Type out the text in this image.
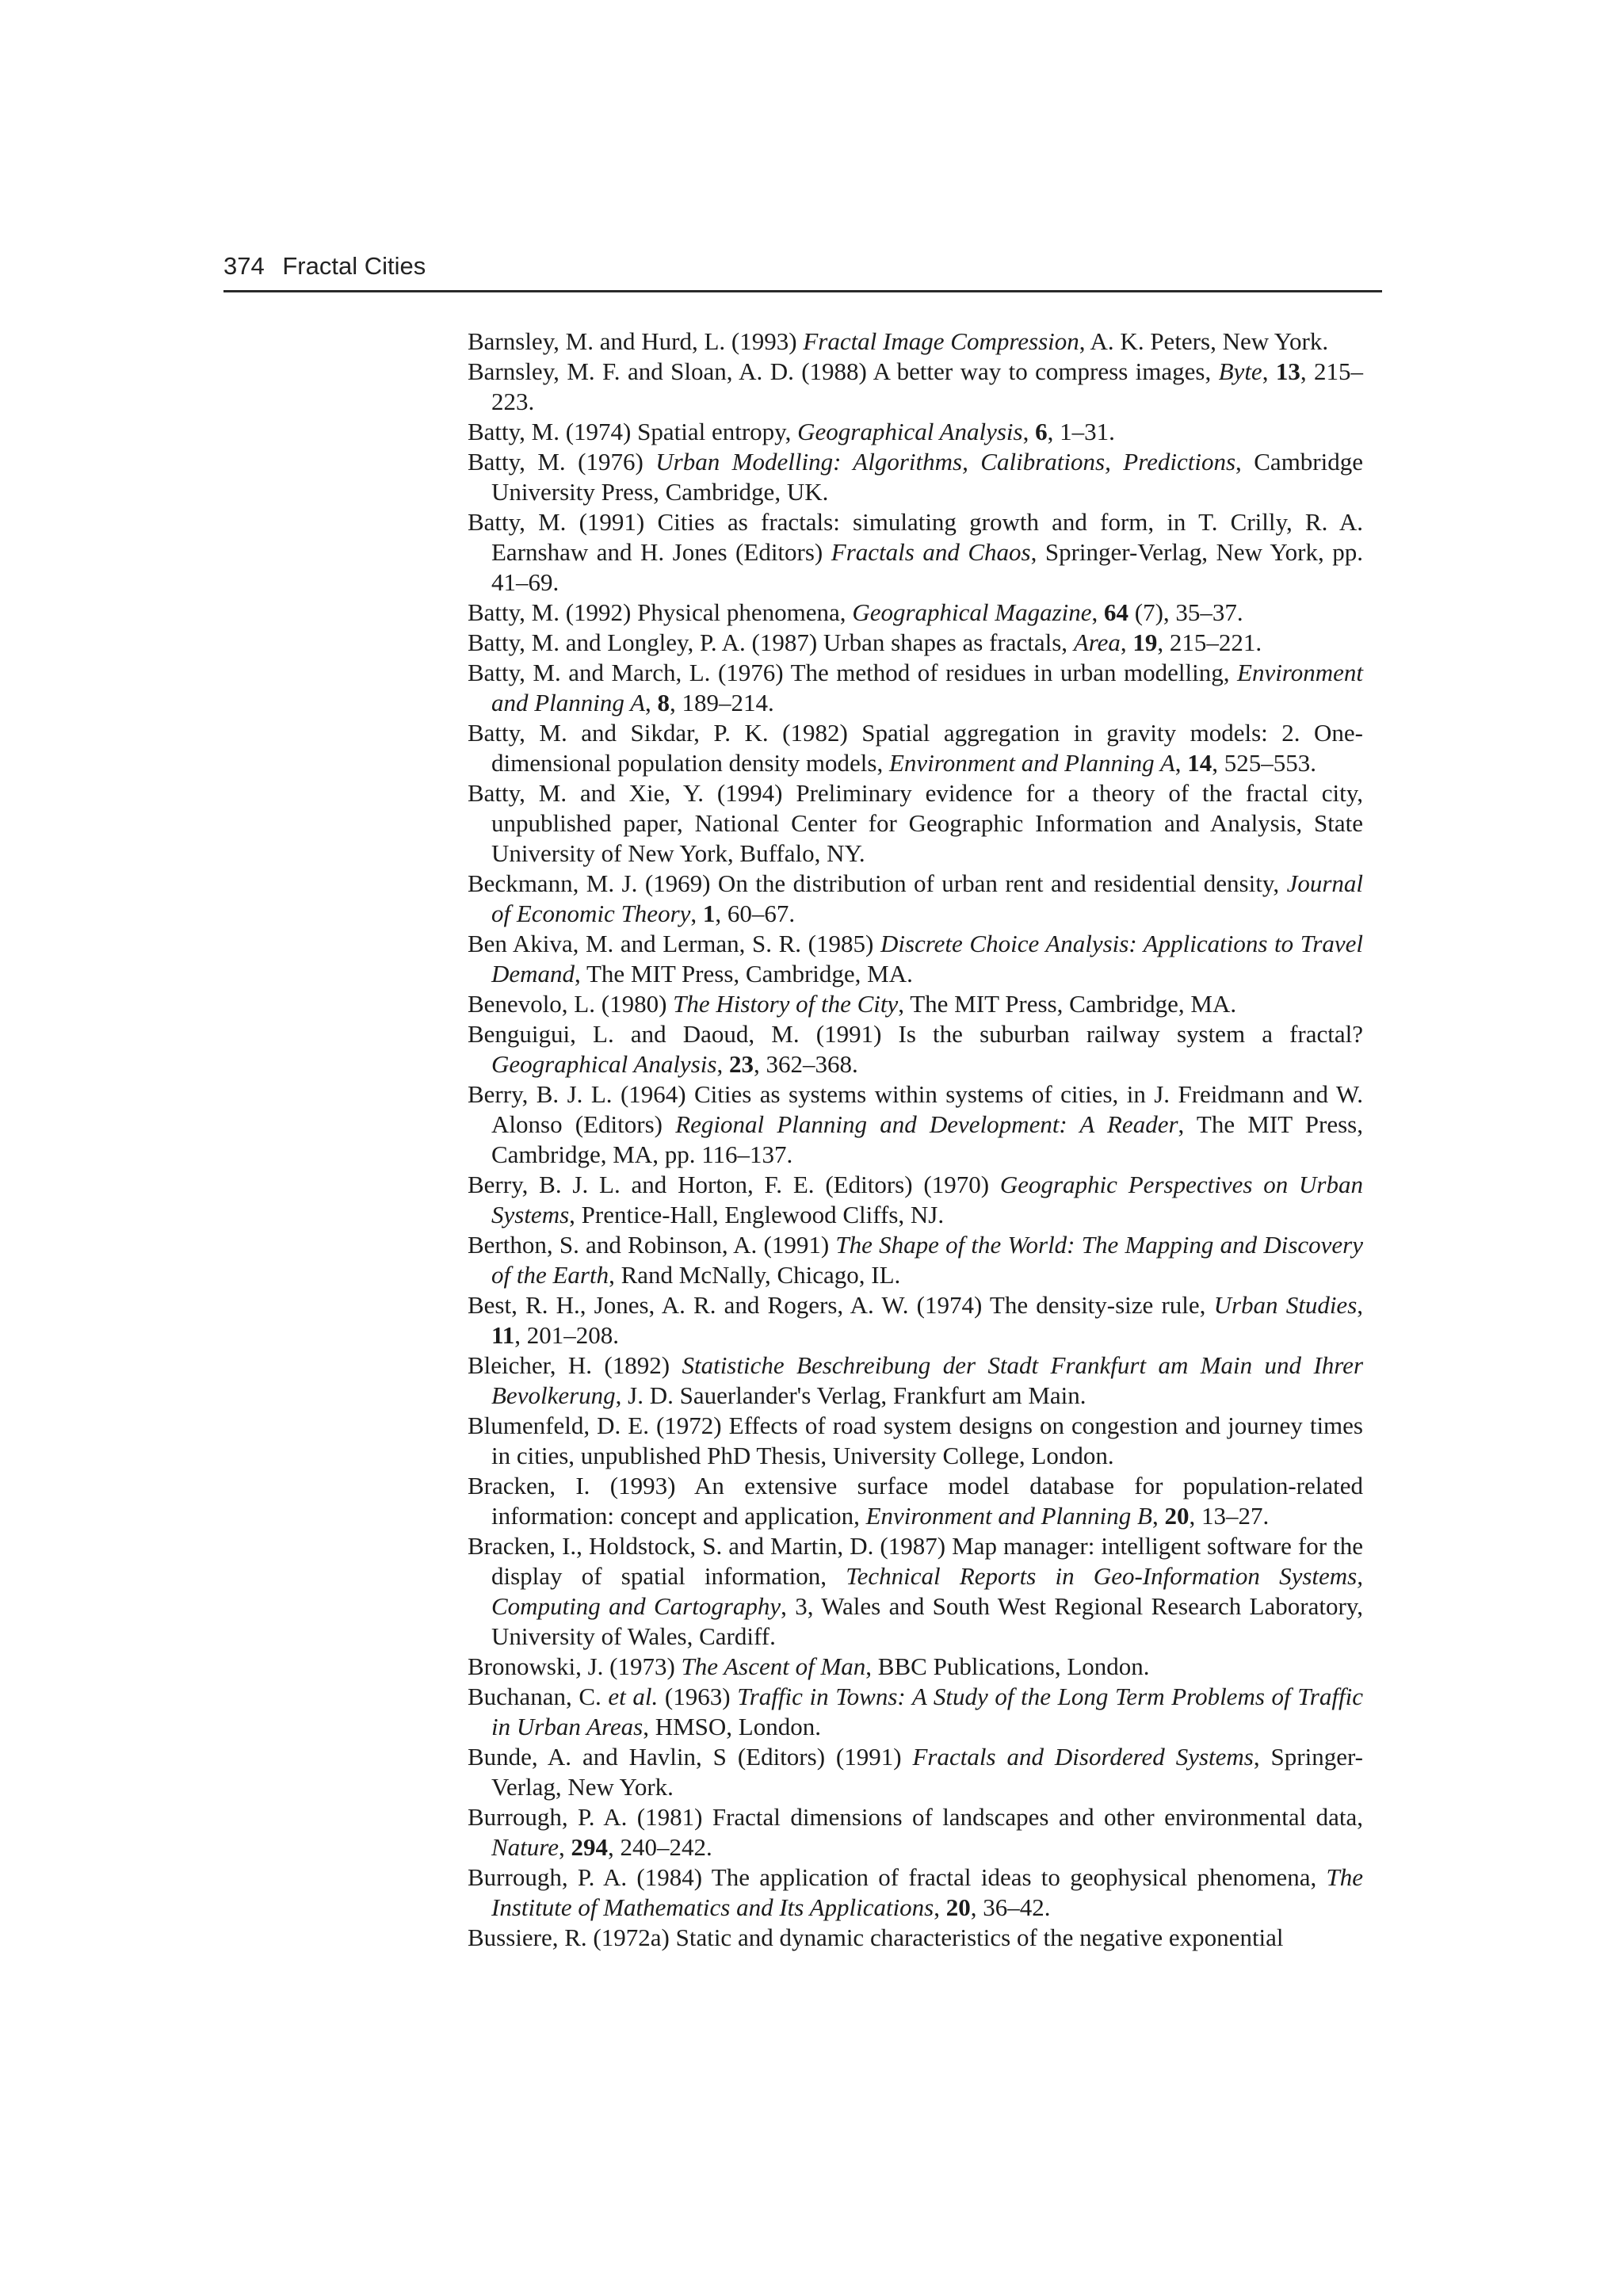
374 Fractal Cities
Barnsley, M. and Hurd, L. (1993) Fractal Image Compression, A. K. Peters, New York.
Barnsley, M. F. and Sloan, A. D. (1988) A better way to compress images, Byte, 13, 215–223.
Batty, M. (1974) Spatial entropy, Geographical Analysis, 6, 1–31.
Batty, M. (1976) Urban Modelling: Algorithms, Calibrations, Predictions, Cambridge University Press, Cambridge, UK.
Batty, M. (1991) Cities as fractals: simulating growth and form, in T. Crilly, R. A. Earnshaw and H. Jones (Editors) Fractals and Chaos, Springer-Verlag, New York, pp. 41–69.
Batty, M. (1992) Physical phenomena, Geographical Magazine, 64 (7), 35–37.
Batty, M. and Longley, P. A. (1987) Urban shapes as fractals, Area, 19, 215–221.
Batty, M. and March, L. (1976) The method of residues in urban modelling, Environment and Planning A, 8, 189–214.
Batty, M. and Sikdar, P. K. (1982) Spatial aggregation in gravity models: 2. One-dimensional population density models, Environment and Planning A, 14, 525–553.
Batty, M. and Xie, Y. (1994) Preliminary evidence for a theory of the fractal city, unpublished paper, National Center for Geographic Information and Analysis, State University of New York, Buffalo, NY.
Beckmann, M. J. (1969) On the distribution of urban rent and residential density, Journal of Economic Theory, 1, 60–67.
Ben Akiva, M. and Lerman, S. R. (1985) Discrete Choice Analysis: Applications to Travel Demand, The MIT Press, Cambridge, MA.
Benevolo, L. (1980) The History of the City, The MIT Press, Cambridge, MA.
Benguigui, L. and Daoud, M. (1991) Is the suburban railway system a fractal? Geographical Analysis, 23, 362–368.
Berry, B. J. L. (1964) Cities as systems within systems of cities, in J. Freidmann and W. Alonso (Editors) Regional Planning and Development: A Reader, The MIT Press, Cambridge, MA, pp. 116–137.
Berry, B. J. L. and Horton, F. E. (Editors) (1970) Geographic Perspectives on Urban Systems, Prentice-Hall, Englewood Cliffs, NJ.
Berthon, S. and Robinson, A. (1991) The Shape of the World: The Mapping and Discovery of the Earth, Rand McNally, Chicago, IL.
Best, R. H., Jones, A. R. and Rogers, A. W. (1974) The density-size rule, Urban Studies, 11, 201–208.
Bleicher, H. (1892) Statistiche Beschreibung der Stadt Frankfurt am Main und Ihrer Bevolkerung, J. D. Sauerlander's Verlag, Frankfurt am Main.
Blumenfeld, D. E. (1972) Effects of road system designs on congestion and journey times in cities, unpublished PhD Thesis, University College, London.
Bracken, I. (1993) An extensive surface model database for population-related information: concept and application, Environment and Planning B, 20, 13–27.
Bracken, I., Holdstock, S. and Martin, D. (1987) Map manager: intelligent software for the display of spatial information, Technical Reports in Geo-Information Systems, Computing and Cartography, 3, Wales and South West Regional Research Laboratory, University of Wales, Cardiff.
Bronowski, J. (1973) The Ascent of Man, BBC Publications, London.
Buchanan, C. et al. (1963) Traffic in Towns: A Study of the Long Term Problems of Traffic in Urban Areas, HMSO, London.
Bunde, A. and Havlin, S (Editors) (1991) Fractals and Disordered Systems, Springer-Verlag, New York.
Burrough, P. A. (1981) Fractal dimensions of landscapes and other environmental data, Nature, 294, 240–242.
Burrough, P. A. (1984) The application of fractal ideas to geophysical phenomena, The Institute of Mathematics and Its Applications, 20, 36–42.
Bussiere, R. (1972a) Static and dynamic characteristics of the negative exponential
